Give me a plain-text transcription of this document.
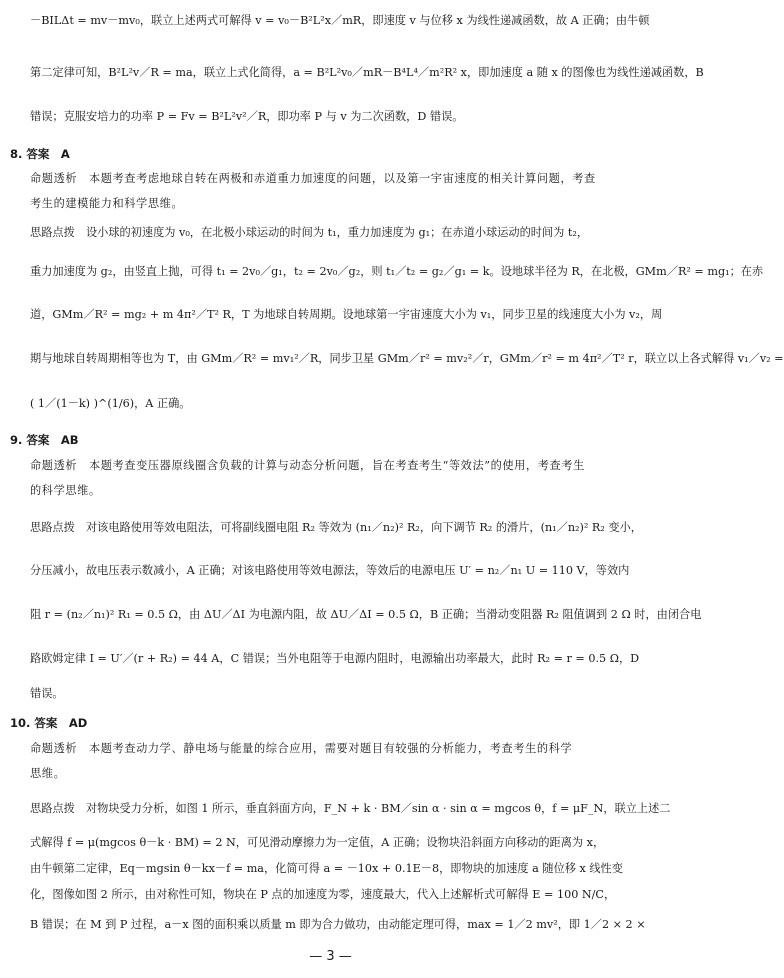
－BILΔt = mv－mv₀，联立上述两式可解得 v = v₀－B²L²x／mR，即速度 v 与位移 x 为线性递减函数，故 A 正确；由牛顿
第二定律可知，B²L²v／R = ma，联立上式化简得，a = B²L²v₀／mR－B⁴L⁴／m²R² x，即加速度 a 随 x 的图像也为线性递减函数，B
错误；克服安培力的功率 P = Fv = B²L²v²／R，即功率 P 与 v 为二次函数，D 错误。
8. 答案　A
命题透析　本题考查考虑地球自转在两极和赤道重力加速度的问题，以及第一宇宙速度的相关计算问题，考查
考生的建模能力和科学思维。
思路点拨　设小球的初速度为 v₀，在北极小球运动的时间为 t₁，重力加速度为 g₁；在赤道小球运动的时间为 t₂，
重力加速度为 g₂，由竖直上抛，可得 t₁ = 2v₀／g₁，t₂ = 2v₀／g₂，则 t₁／t₂ = g₂／g₁ = k。设地球半径为 R，在北极，GMm／R² = mg₁；在赤
道，GMm／R² = mg₂ + m 4π²／T² R，T 为地球自转周期。设地球第一宇宙速度大小为 v₁，同步卫星的线速度大小为 v₂，周
期与地球自转周期相等也为 T，由 GMm／R² = mv₁²／R，同步卫星 GMm／r² = mv₂²／r，GMm／r² = m 4π²／T² r，联立以上各式解得 v₁／v₂ =
( 1／(1－k) )^(1/6)，A 正确。
9. 答案　AB
命题透析　本题考查变压器原线圈含负载的计算与动态分析问题，旨在考查考生“等效法”的使用，考查考生
的科学思维。
思路点拨　对该电路使用等效电阻法，可将副线圈电阻 R₂ 等效为 (n₁／n₂)² R₂，向下调节 R₂ 的滑片，(n₁／n₂)² R₂ 变小，
分压减小，故电压表示数减小，A 正确；对该电路使用等效电源法，等效后的电源电压 U′ = n₂／n₁ U = 110 V，等效内
阻 r = (n₂／n₁)² R₁ = 0.5 Ω，由 ΔU／ΔI 为电源内阻，故 ΔU／ΔI = 0.5 Ω，B 正确；当滑动变阻器 R₂ 阻值调到 2 Ω 时，由闭合电
路欧姆定律 I = U′／(r + R₂) = 44 A，C 错误；当外电阻等于电源内阻时，电源输出功率最大，此时 R₂ = r = 0.5 Ω，D
错误。
10. 答案　AD
命题透析　本题考查动力学、静电场与能量的综合应用，需要对题目有较强的分析能力，考查考生的科学
思维。
思路点拨　对物块受力分析，如图 1 所示，垂直斜面方向，F_N + k · BM／sin α · sin α = mgcos θ，f = μF_N，联立上述二
式解得 f = μ(mgcos θ－k · BM) = 2 N，可见滑动摩擦力为一定值，A 正确；设物块沿斜面方向移动的距离为 x，
由牛顿第二定律，Eq－mgsin θ－kx－f = ma，化简可得 a = －10x + 0.1E－8，即物块的加速度 a 随位移 x 线性变
化，图像如图 2 所示，由对称性可知，物块在 P 点的加速度为零，速度最大，代入上述解析式可解得 E = 100 N/C，
B 错误；在 M 到 P 过程，a－x 图的面积乘以质量 m 即为合力做功，由动能定理可得，max = 1／2 mv²，即 1／2 × 2 ×
— 3 —
